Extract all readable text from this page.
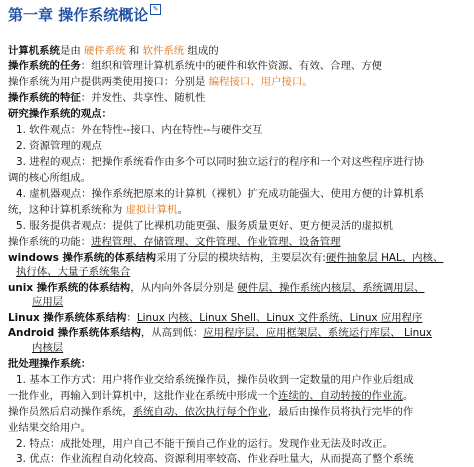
第一章 操作系统概论 ✎
计算机系统是由 硬件系统 和 软件系统 组成的
操作系统的任务：组织和管理计算机系统中的硬件和软件资源、有效、合理、方便
操作系统为用户提供两类使用接口：分别是 编程接口、用户接口。
操作系统的特征：并发性、共享性、随机性
研究操作系统的观点：
1. 软件观点：外在特性--接口、内在特性--与硬件交互
2. 资源管理的观点
3. 进程的观点：把操作系统看作由多个可以同时独立运行的程序和一个对这些程序进行协
调的核心所组成。
4. 虚机器观点：操作系统把原来的计算机（裸机）扩充成功能强大、使用方便的计算机系
统，这种计算机系统称为 虚拟计算机。
5. 服务提供者观点：提供了比裸机功能更强、服务质量更好、更方便灵活的虚拟机
操作系统的功能：进程管理、存储管理、文件管理、作业管理、设备管理
windows 操作系统的体系结构采用了分层的模块结构，主要层次有:硬件抽象层 HAL、内核、
执行体、大量子系统集合
unix 操作系统的体系结构，从内向外各层分别是 硬件层、操作系统内核层、系统调用层、
应用层
Linux 操作系统体系结构：Linux 内核、Linux Shell、Linux 文件系统、Linux 应用程序
Android 操作系统体系结构，从高到低：应用程序层、应用框架层、系统运行库层、 Linux
内核层
批处理操作系统：
1. 基本工作方式：用户将作业交给系统操作员，操作员收到一定数量的用户作业后组成
一批作业，再输入到计算机中，这批作业在系统中形成一个连续的、自动转接的作业流。
操作员然后启动操作系统，系统自动、依次执行每个作业，最后由操作员将执行完毕的作
业结果交给用户。
2. 特点：成批处理，用户自己不能干预自己作业的运行。发现作业无法及时改正。
3. 优点：作业流程自动化较高、资源利用率较高、作业吞吐量大，从而提高了整个系统
